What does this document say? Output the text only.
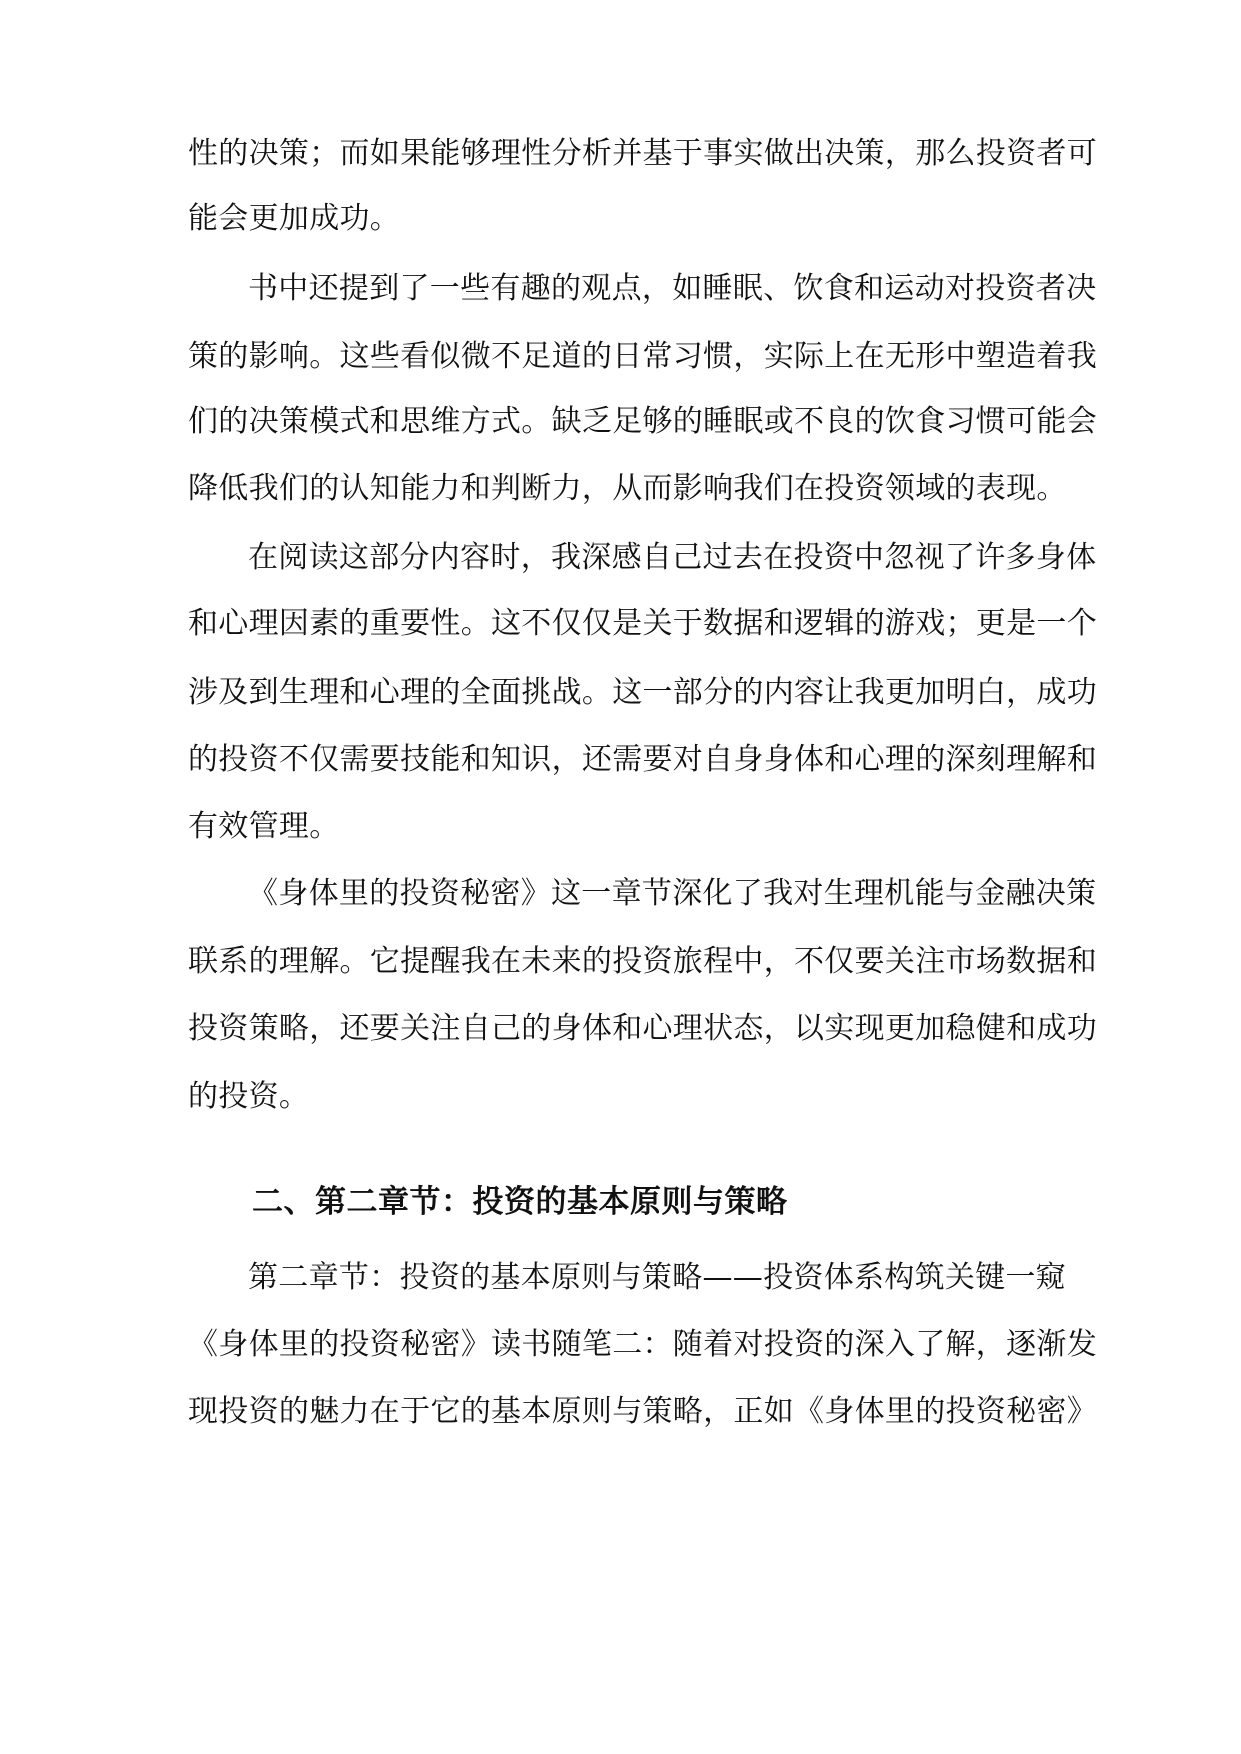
性的决策；而如果能够理性分析并基于事实做出决策，那么投资者可
能会更加成功。
书中还提到了一些有趣的观点，如睡眠、饮食和运动对投资者决
策的影响。这些看似微不足道的日常习惯，实际上在无形中塑造着我
们的决策模式和思维方式。缺乏足够的睡眠或不良的饮食习惯可能会
降低我们的认知能力和判断力，从而影响我们在投资领域的表现。
在阅读这部分内容时，我深感自己过去在投资中忽视了许多身体
和心理因素的重要性。这不仅仅是关于数据和逻辑的游戏；更是一个
涉及到生理和心理的全面挑战。这一部分的内容让我更加明白，成功
的投资不仅需要技能和知识，还需要对自身身体和心理的深刻理解和
有效管理。
《身体里的投资秘密》这一章节深化了我对生理机能与金融决策
联系的理解。它提醒我在未来的投资旅程中，不仅要关注市场数据和
投资策略，还要关注自己的身体和心理状态，以实现更加稳健和成功
的投资。
二、第二章节：投资的基本原则与策略
第二章节：投资的基本原则与策略——投资体系构筑关键一窥
《身体里的投资秘密》读书随笔二：随着对投资的深入了解，逐渐发
现投资的魅力在于它的基本原则与策略，正如《身体里的投资秘密》
